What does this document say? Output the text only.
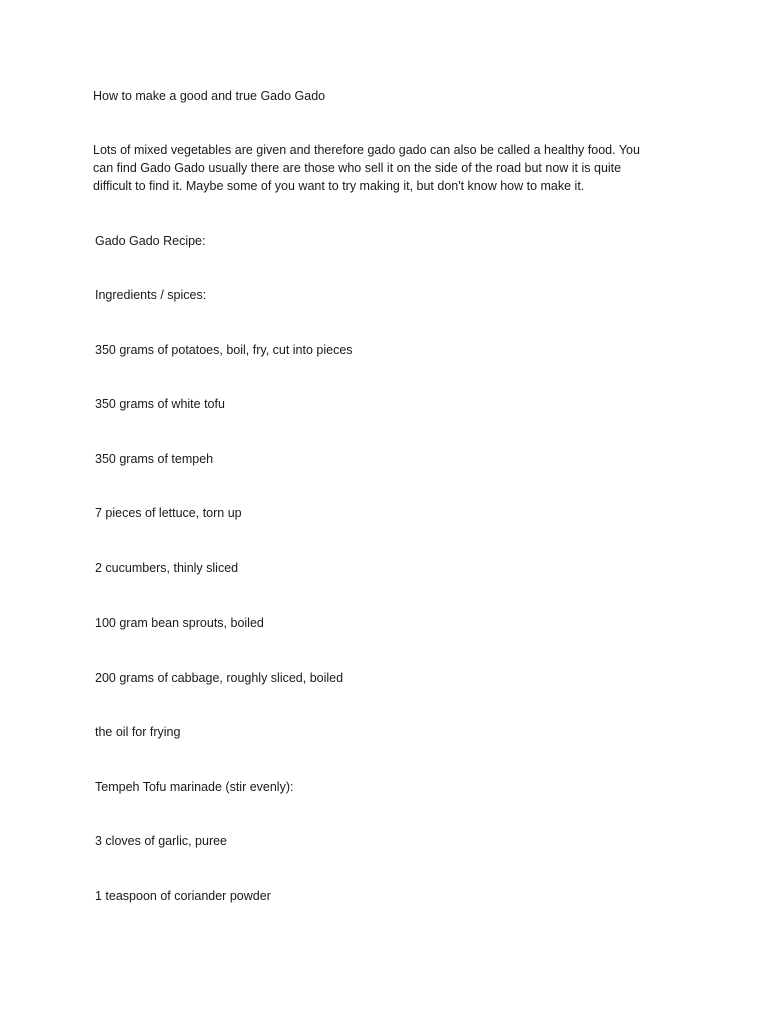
How to make a good and true Gado Gado
Lots of mixed vegetables are given and therefore gado gado can also be called a healthy food. You
can find Gado Gado usually there are those who sell it on the side of the road but now it is quite
difficult to find it. Maybe some of you want to try making it, but don't know how to make it.
Gado Gado Recipe:
Ingredients / spices:
350 grams of potatoes, boil, fry, cut into pieces
350 grams of white tofu
350 grams of tempeh
7 pieces of lettuce, torn up
2 cucumbers, thinly sliced
100 gram bean sprouts, boiled
200 grams of cabbage, roughly sliced, boiled
the oil for frying
Tempeh Tofu marinade (stir evenly):
3 cloves of garlic, puree
1 teaspoon of coriander powder
